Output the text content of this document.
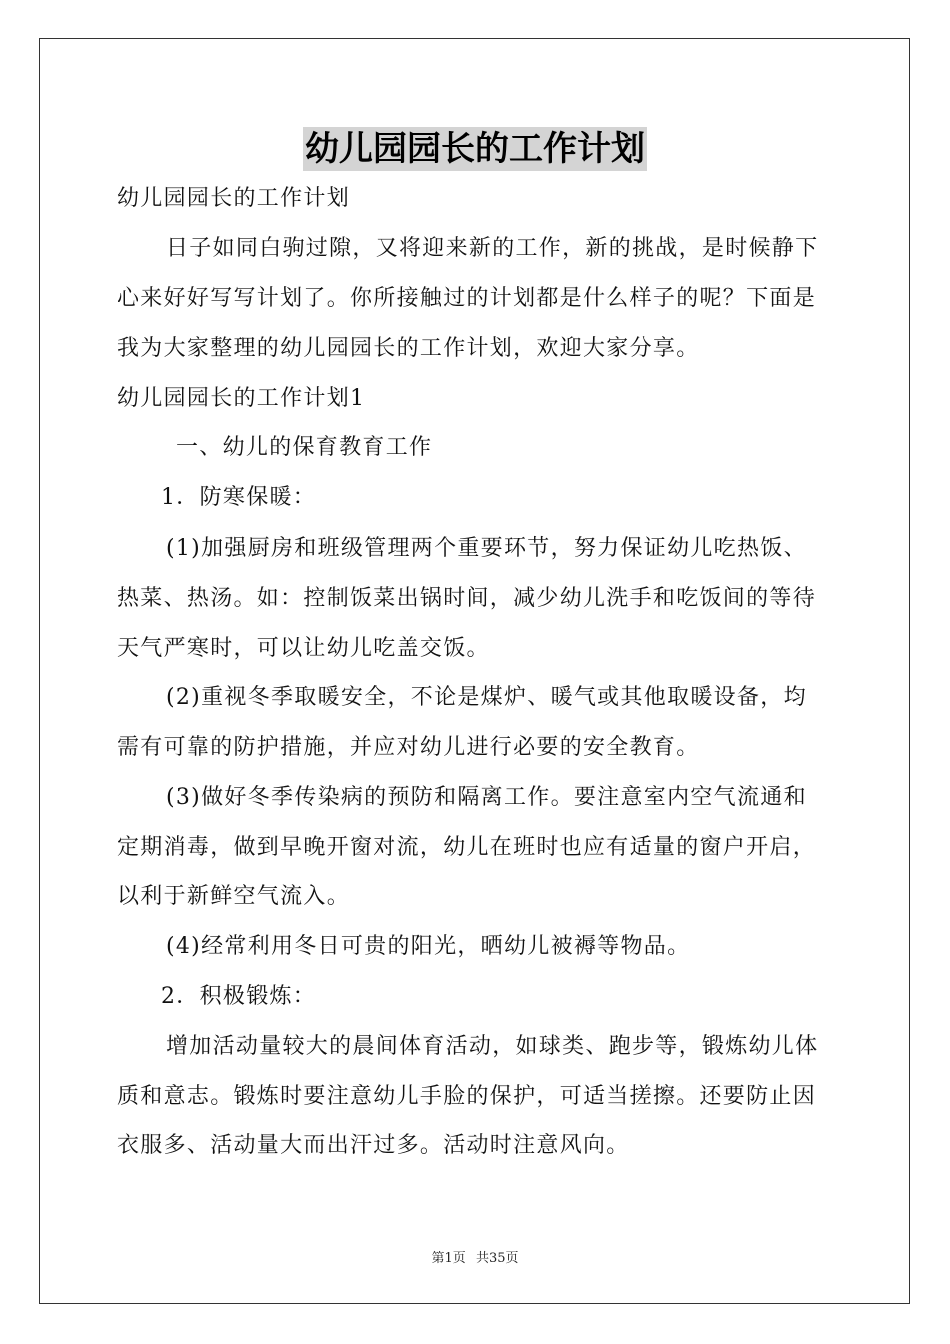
幼儿园园长的工作计划

幼儿园园长的工作计划

日子如同白驹过隙，又将迎来新的工作，新的挑战，是时候静下

心来好好写写计划了。你所接触过的计划都是什么样子的呢？下面是

我为大家整理的幼儿园园长的工作计划，欢迎大家分享。

幼儿园园长的工作计划1

一、幼儿的保育教育工作

1．防寒保暖：

(1)加强厨房和班级管理两个重要环节，努力保证幼儿吃热饭、

热菜、热汤。如：控制饭菜出锅时间，减少幼儿洗手和吃饭间的等待

天气严寒时，可以让幼儿吃盖交饭。

(2)重视冬季取暖安全，不论是煤炉、暖气或其他取暖设备，均

需有可靠的防护措施，并应对幼儿进行必要的安全教育。

(3)做好冬季传染病的预防和隔离工作。要注意室内空气流通和

定期消毒，做到早晚开窗对流，幼儿在班时也应有适量的窗户开启，

以利于新鲜空气流入。

(4)经常利用冬日可贵的阳光，晒幼儿被褥等物品。

2．积极锻炼：

增加活动量较大的晨间体育活动，如球类、跑步等，锻炼幼儿体

质和意志。锻炼时要注意幼儿手脸的保护，可适当搓擦。还要防止因

衣服多、活动量大而出汗过多。活动时注意风向。

第1页 共35页
